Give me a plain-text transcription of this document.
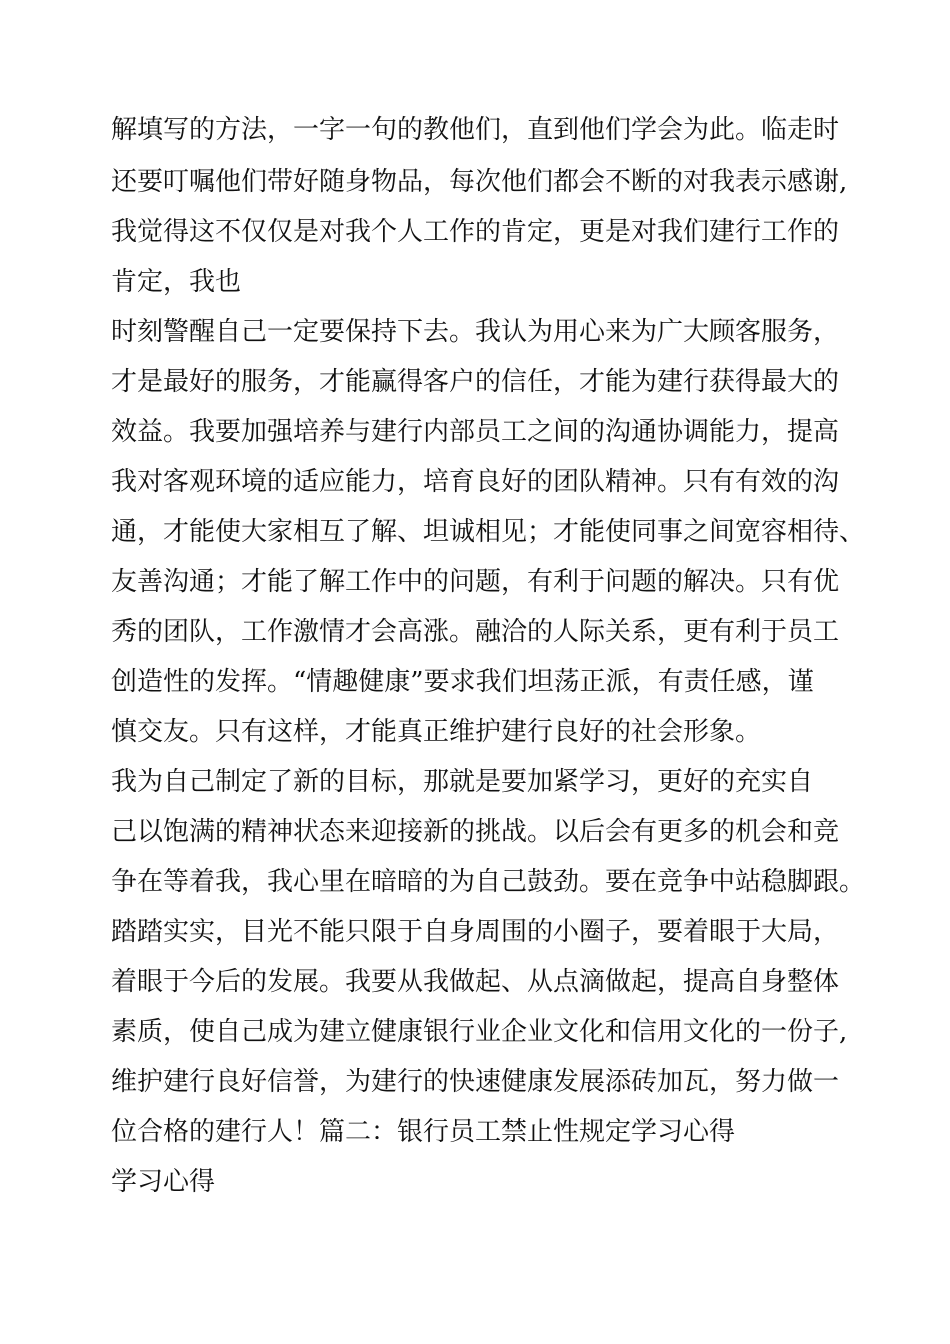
解填写的方法，一字一句的教他们，直到他们学会为此。临走时
还要叮嘱他们带好随身物品，每次他们都会不断的对我表示感谢,
我觉得这不仅仅是对我个人工作的肯定，更是对我们建行工作的
肯定，我也
时刻警醒自己一定要保持下去。我认为用心来为广大顾客服务，
才是最好的服务，才能赢得客户的信任，才能为建行获得最大的
效益。我要加强培养与建行内部员工之间的沟通协调能力，提高
我对客观环境的适应能力，培育良好的团队精神。只有有效的沟
通，才能使大家相互了解、坦诚相见；才能使同事之间宽容相待、
友善沟通；才能了解工作中的问题，有利于问题的解决。只有优
秀的团队，工作激情才会高涨。融洽的人际关系，更有利于员工
创造性的发挥。“情趣健康”要求我们坦荡正派，有责任感，谨
慎交友。只有这样，才能真正维护建行良好的社会形象。
我为自己制定了新的目标，那就是要加紧学习，更好的充实自
己以饱满的精神状态来迎接新的挑战。以后会有更多的机会和竞
争在等着我，我心里在暗暗的为自己鼓劲。要在竞争中站稳脚跟。
踏踏实实，目光不能只限于自身周围的小圈子，要着眼于大局，
着眼于今后的发展。我要从我做起、从点滴做起，提高自身整体
素质，使自己成为建立健康银行业企业文化和信用文化的一份子,
维护建行良好信誉，为建行的快速健康发展添砖加瓦，努力做一
位合格的建行人！篇二：银行员工禁止性规定学习心得
学习心得
